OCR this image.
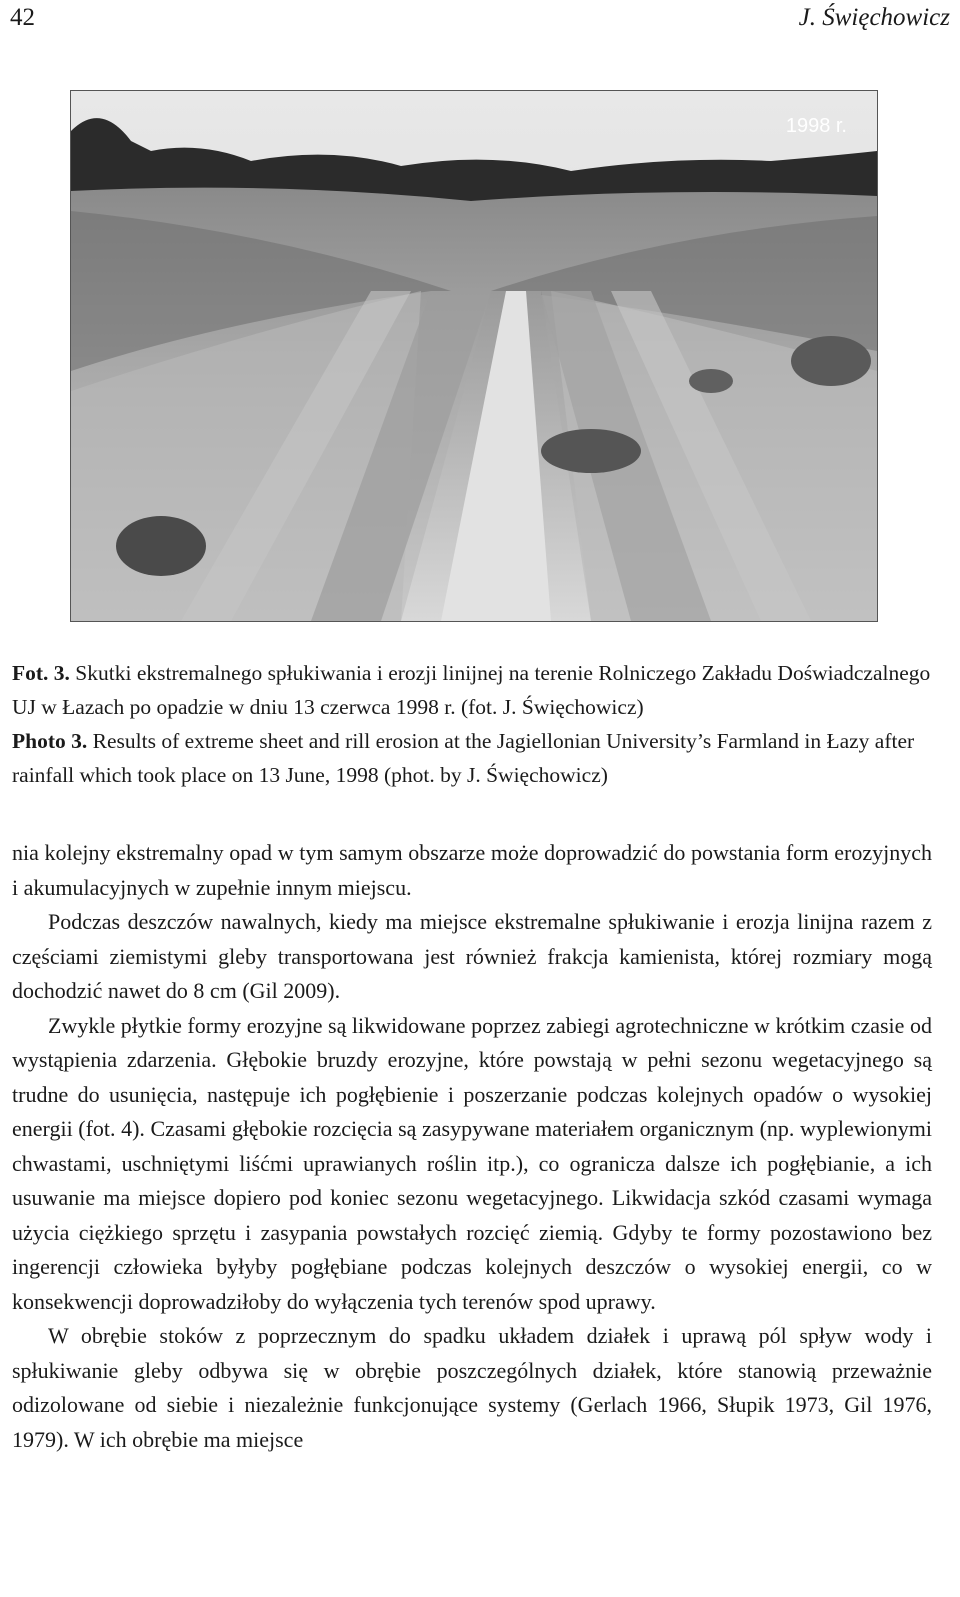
42	J. Święchowicz
1998 r.
Fot. 3. Skutki ekstremalnego spłukiwania i erozji linijnej na terenie Rolniczego Zakładu Doświadczalnego UJ w Łazach po opadzie w dniu 13 czerwca 1998 r. (fot. J. Święchowicz)
Photo 3. Results of extreme sheet and rill erosion at the Jagiellonian University’s Farmland in Łazy after rainfall which took place on 13 June, 1998 (phot. by J. Święchowicz)

nia kolejny ekstremalny opad w tym samym obszarze może doprowadzić do powstania form erozyjnych i akumulacyjnych w zupełnie innym miejscu.

Podczas deszczów nawalnych, kiedy ma miejsce ekstremalne spłukiwanie i erozja linijna razem z częściami ziemistymi gleby transportowana jest również frakcja kamienista, której rozmiary mogą dochodzić nawet do 8 cm (Gil 2009).

Zwykle płytkie formy erozyjne są likwidowane poprzez zabiegi agrotechniczne w krótkim czasie od wystąpienia zdarzenia. Głębokie bruzdy erozyjne, które powstają w pełni sezonu wegetacyjnego są trudne do usunięcia, następuje ich pogłębienie i poszerzanie podczas kolejnych opadów o wysokiej energii (fot. 4). Czasami głębokie rozcięcia są zasypywane materiałem organicznym (np. wyplewionymi chwastami, uschniętymi liśćmi uprawianych roślin itp.), co ogranicza dalsze ich pogłębianie, a ich usuwanie ma miejsce dopiero pod koniec sezonu wegetacyjnego. Likwidacja szkód czasami wymaga użycia ciężkiego sprzętu i zasypania powstałych rozcięć ziemią. Gdyby te formy pozostawiono bez ingerencji człowieka byłyby pogłębiane podczas kolejnych deszczów o wysokiej energii, co w konsekwencji doprowadziłoby do wyłączenia tych terenów spod uprawy.

W obrębie stoków z poprzecznym do spadku układem działek i uprawą pól spływ wody i spłukiwanie gleby odbywa się w obrębie poszczególnych działek, które stanowią przeważnie odizolowane od siebie i niezależnie funkcjonujące systemy (Gerlach 1966, Słupik 1973, Gil 1976, 1979). W ich obrębie ma miejsce
